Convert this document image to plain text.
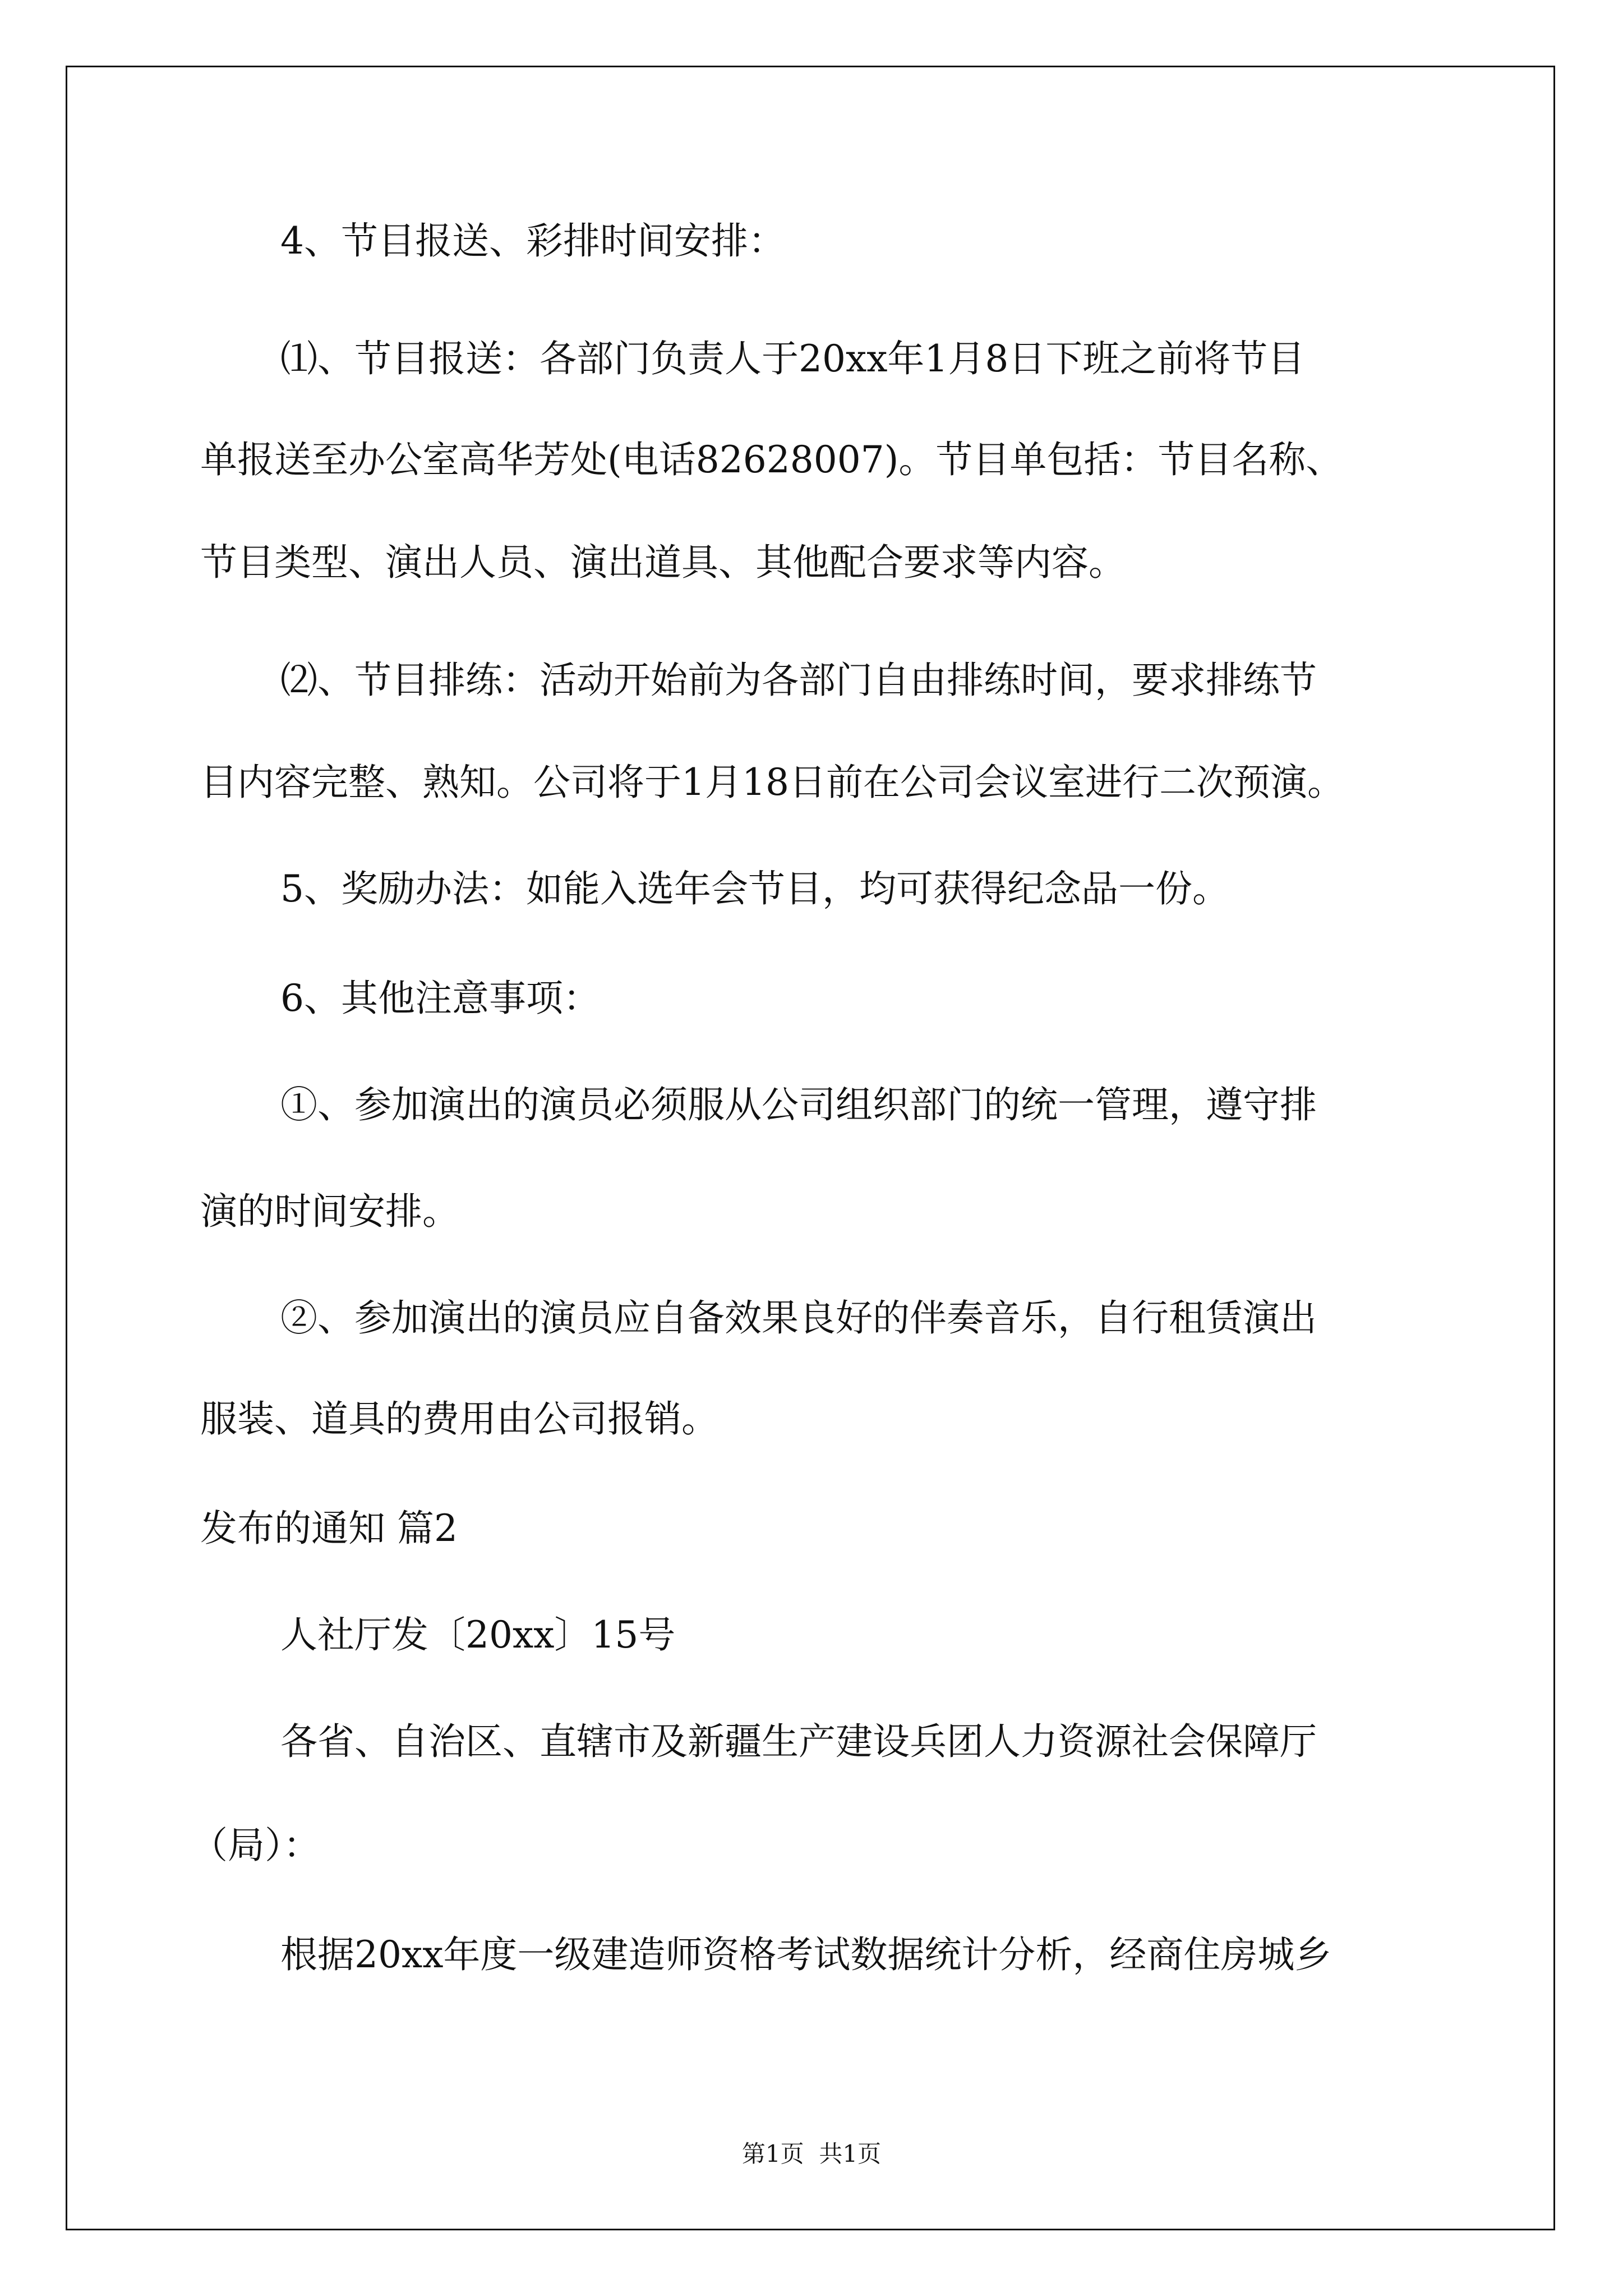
4、节目报送、彩排时间安排：

⑴、节目报送：各部门负责人于20xx年1月8日下班之前将节目

单报送至办公室高华芳处(电话82628007)。节目单包括：节目名称、

节目类型、演出人员、演出道具、其他配合要求等内容。

⑵、节目排练：活动开始前为各部门自由排练时间，要求排练节

目内容完整、熟知。公司将于1月18日前在公司会议室进行二次预演。

5、奖励办法：如能入选年会节目，均可获得纪念品一份。

6、其他注意事项：

①、参加演出的演员必须服从公司组织部门的统一管理，遵守排

演的时间安排。

②、参加演出的演员应自备效果良好的伴奏音乐，自行租赁演出

服装、道具的费用由公司报销。

发布的通知 篇2

人社厅发〔20xx〕15号

各省、自治区、直辖市及新疆生产建设兵团人力资源社会保障厅

（局）：

根据20xx年度一级建造师资格考试数据统计分析，经商住房城乡

第1页  共1页
